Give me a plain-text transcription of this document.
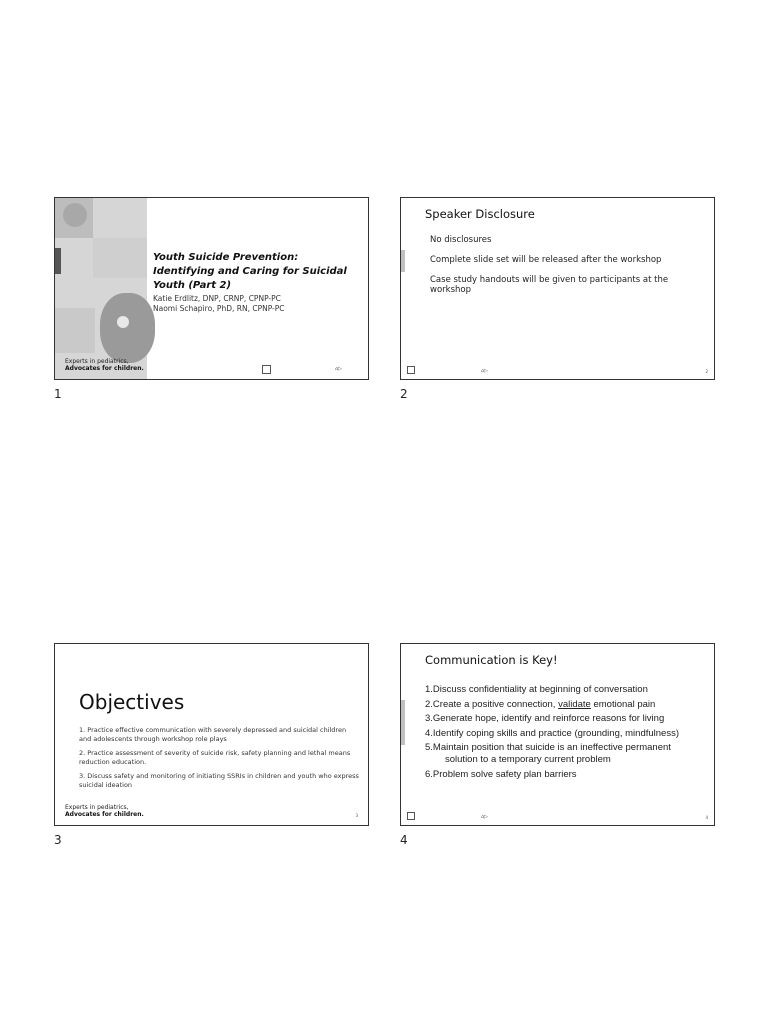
Youth Suicide Prevention: Identifying and Caring for Suicidal Youth (Part 2)
Katie Erdlitz, DNP, CRNP, CPNP-PC
Naomi Schapiro, PhD, RN, CPNP-PC
Experts in pediatrics,
Advocates for children.	⌂▷
1
Speaker Disclosure

No disclosures

Complete slide set will be released after the workshop

Case study handouts will be given to participants at the workshop

⌂▷	2
2
Objectives

1. Practice effective communication with severely depressed and suicidal children and adolescents through workshop role plays

2. Practice assessment of severity of suicide risk, safety planning and lethal means reduction education.

3. Discuss safety and monitoring of initiating SSRIs in children and youth who express suicidal ideation

Experts in pediatrics,
Advocates for children.	3
3
Communication is Key!
1.Discuss confidentiality at beginning of conversation
2.Create a positive connection, validate emotional pain
3.Generate hope, identify and reinforce reasons for living
4.Identify coping skills and practice (grounding, mindfulness)
5.Maintain position that suicide is an ineffective permanent
solution to a temporary current problem
6.Problem solve safety plan barriers
⌂▷	4
4
